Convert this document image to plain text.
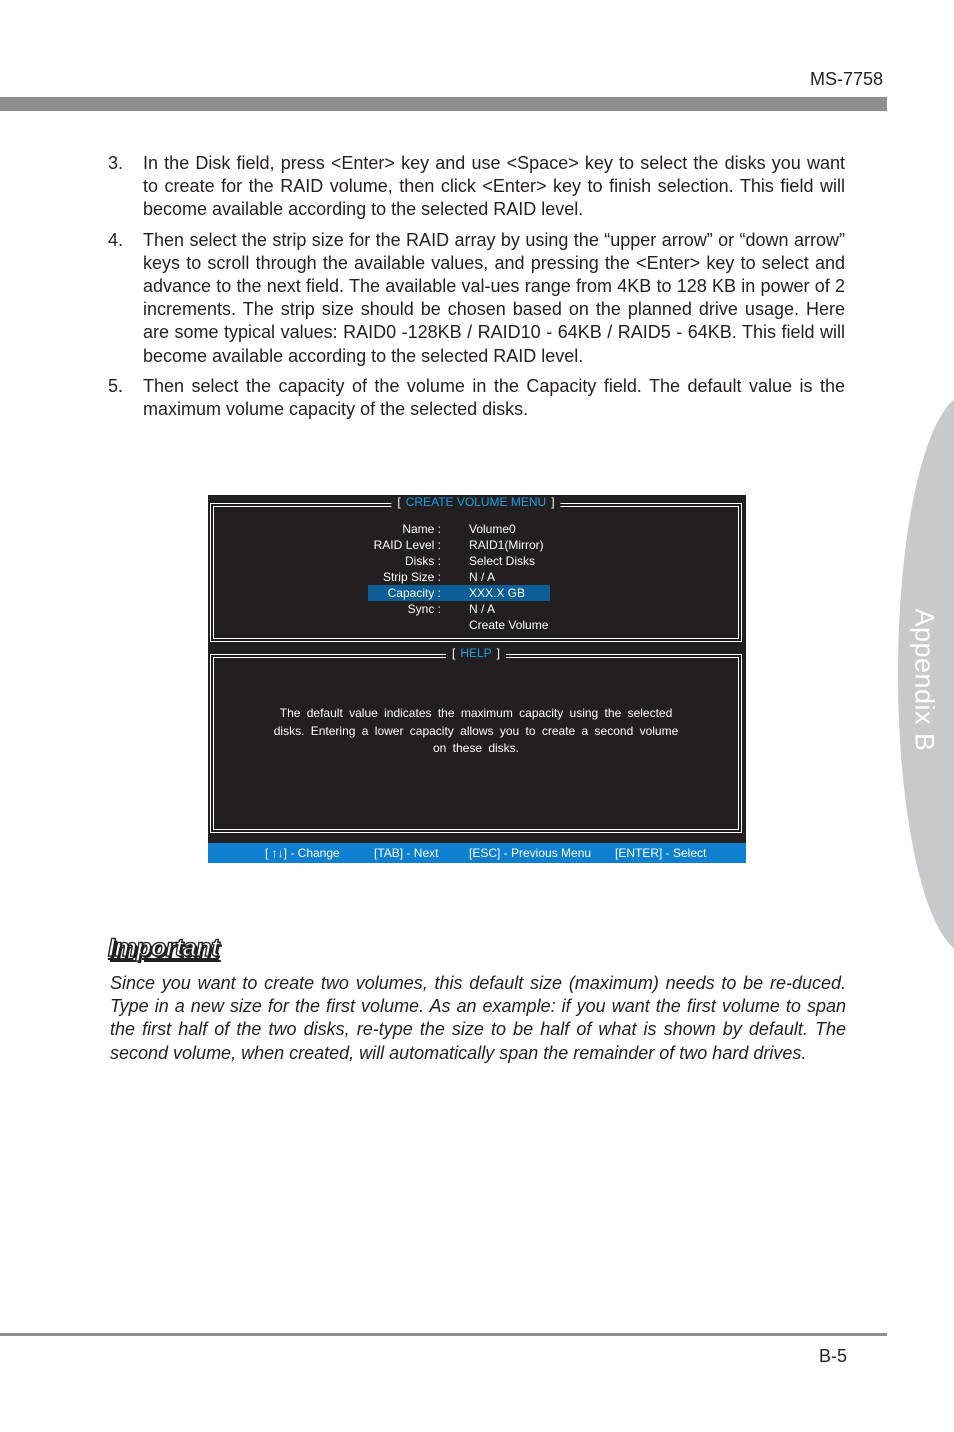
MS-7758
3. In the Disk field, press <Enter> key and use <Space> key to select the disks you want to create for the RAID volume, then click <Enter> key to finish selection. This field will become available according to the selected RAID level.
4. Then select the strip size for the RAID array by using the “upper arrow” or “down arrow” keys to scroll through the available values, and pressing the <Enter> key to select and advance to the next field. The available val-ues range from 4KB to 128 KB in power of 2 increments. The strip size should be chosen based on the planned drive usage. Here are some typical values: RAID0 -128KB / RAID10 - 64KB / RAID5 - 64KB. This field will become available according to the selected RAID level.
5. Then select the capacity of the volume in the Capacity field. The default value is the maximum volume capacity of the selected disks.
[ CREATE VOLUME MENU ]
Name : Volume0
RAID Level : RAID1(Mirror)
Disks : Select Disks
Strip Size : N / A
Capacity : XXX.X GB
Sync : N / A
Create Volume
[ HELP ]
The default value indicates the maximum capacity using the selected disks. Entering a lower capacity allows you to create a second volume on these disks.
[ ↑↓] - Change	[TAB] - Next	[ESC] - Previous Menu [ENTER] - Select
Important
Since you want to create two volumes, this default size (maximum) needs to be re-duced. Type in a new size for the first volume. As an example: if you want the first volume to span the first half of the two disks, re-type the size to be half of what is shown by default. The second volume, when created, will automatically span the remainder of two hard drives.
Appendix B
B-5
